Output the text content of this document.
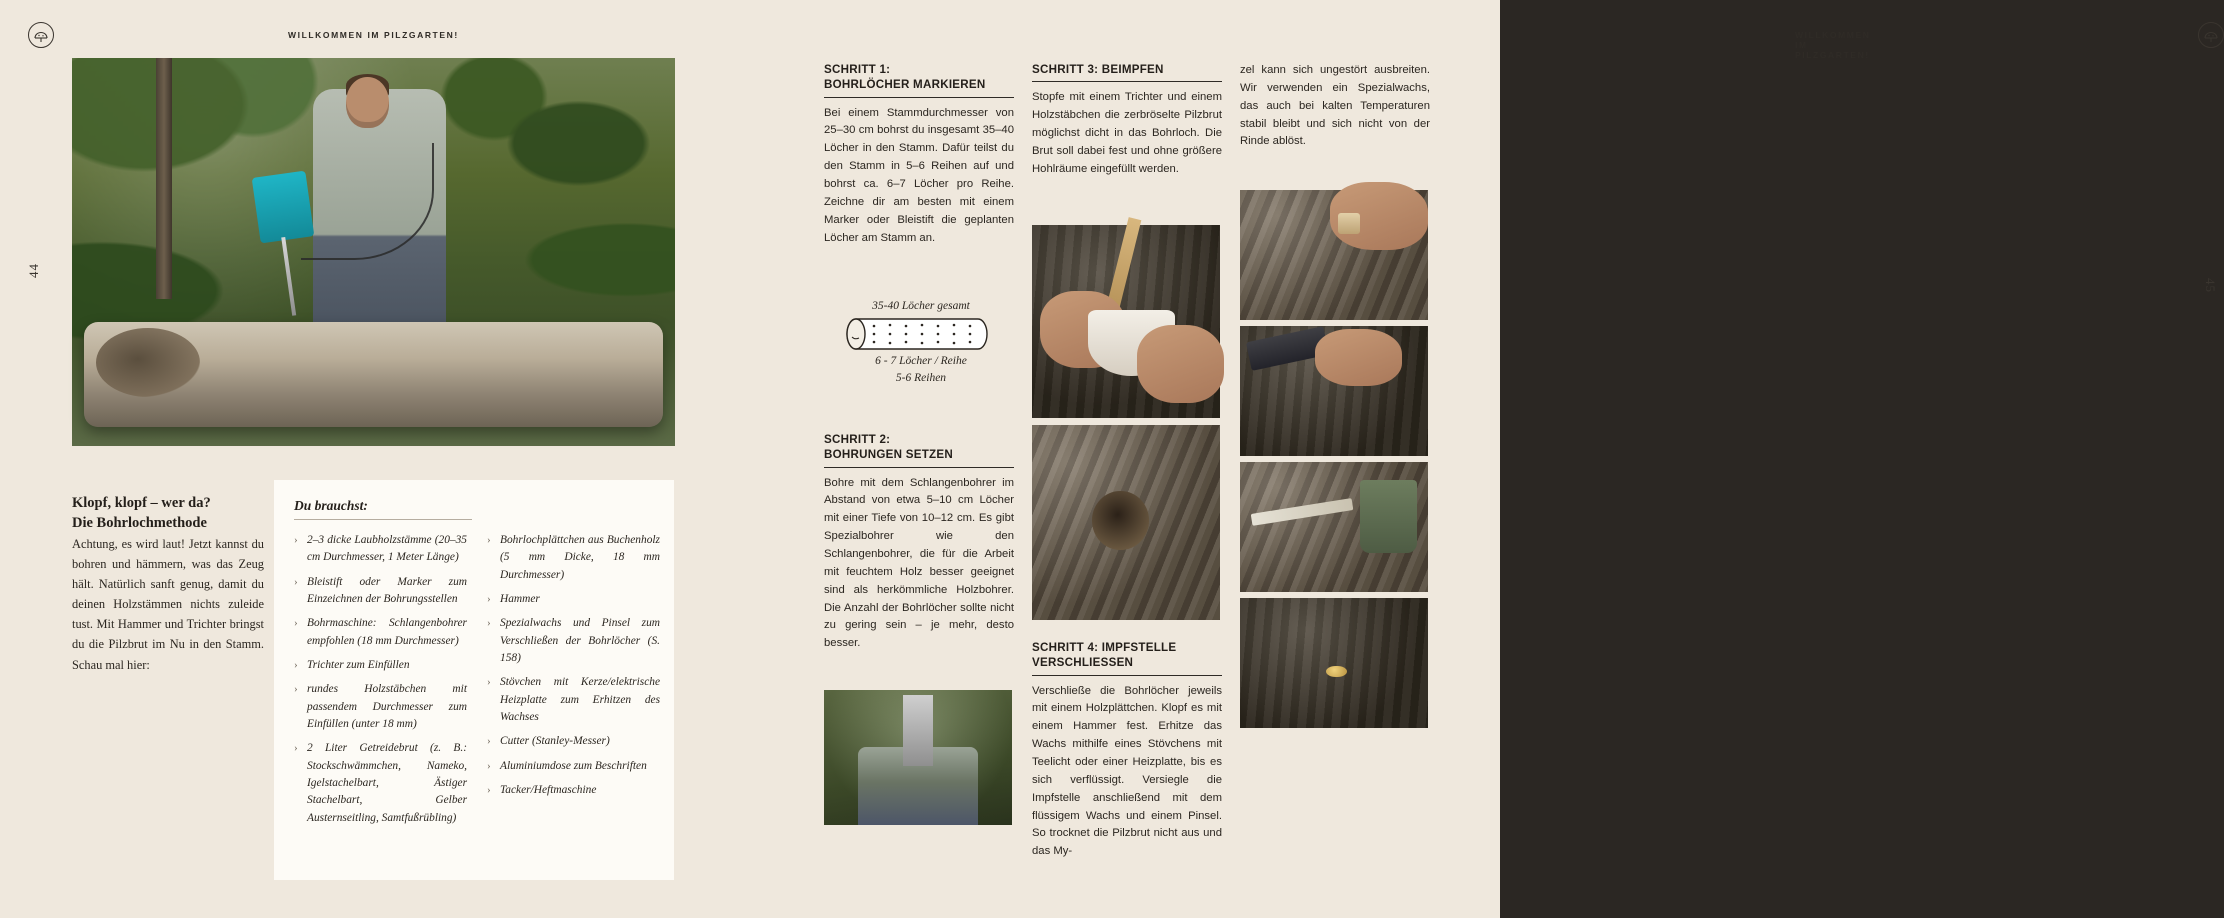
WILLKOMMEN IM PILZGARTEN!
44
Klopf, klopf – wer da?
Die Bohrlochmethode
Achtung, es wird laut! Jetzt kannst du bohren und hämmern, was das Zeug hält. Natürlich sanft genug, damit du deinen Holzstämmen nichts zuleide tust. Mit Hammer und Trichter bringst du die Pilzbrut im Nu in den Stamm. Schau mal hier:
Du brauchst:
› 2–3 dicke Laubholzstämme (20–35 cm Durchmesser, 1 Meter Länge)
› Bleistift oder Marker zum Einzeichnen der Bohrungsstellen
› Bohrmaschine: Schlangenbohrer empfohlen (18 mm Durchmesser)
› Trichter zum Einfüllen
› rundes Holzstäbchen mit passendem Durchmesser zum Einfüllen (unter 18 mm)
› 2 Liter Getreidebrut (z. B.: Stockschwämmchen, Nameko, Igelstachelbart, Ästiger Stachelbart, Gelber Austernseitling, Samtfußrübling)
› Bohrlochplättchen aus Buchenholz (5 mm Dicke, 18 mm Durchmesser)
› Hammer
› Spezialwachs und Pinsel zum Verschließen der Bohrlöcher (S. 158)
› Stövchen mit Kerze/elektrische Heizplatte zum Erhitzen des Wachses
› Cutter (Stanley-Messer)
› Aluminiumdose zum Beschriften
› Tacker/Heftmaschine
WILLKOMMEN IM PILZGARTEN!
45
SCHRITT 1:
BOHRLÖCHER MARKIEREN
Bei einem Stammdurchmesser von 25–30 cm bohrst du insgesamt 35–40 Löcher in den Stamm. Dafür teilst du den Stamm in 5–6 Reihen auf und bohrst ca. 6–7 Löcher pro Reihe. Zeichne dir am besten mit einem Marker oder Bleistift die geplanten Löcher am Stamm an.
35-40 Löcher gesamt
6 - 7 Löcher / Reihe
5-6 Reihen
SCHRITT 2:
BOHRUNGEN SETZEN
Bohre mit dem Schlangenbohrer im Abstand von etwa 5–10 cm Löcher mit einer Tiefe von 10–12 cm. Es gibt Spezialbohrer wie den Schlangenbohrer, die für die Arbeit mit feuchtem Holz besser geeignet sind als herkömmliche Holzbohrer. Die Anzahl der Bohrlöcher sollte nicht zu gering sein – je mehr, desto besser.
SCHRITT 3: BEIMPFEN
Stopfe mit einem Trichter und einem Holzstäbchen die zerbröselte Pilzbrut möglichst dicht in das Bohrloch. Die Brut soll dabei fest und ohne größere Hohlräume eingefüllt werden.
SCHRITT 4: IMPFSTELLE
VERSCHLIESSEN
Verschließe die Bohrlöcher jeweils mit einem Holzplättchen. Klopf es mit einem Hammer fest. Erhitze das Wachs mithilfe eines Stövchens mit Teelicht oder einer Heizplatte, bis es sich verflüssigt. Versiegle die Impfstelle anschließend mit dem flüssigem Wachs und einem Pinsel. So trocknet die Pilzbrut nicht aus und das My-
zel kann sich ungestört ausbreiten. Wir verwenden ein Spezialwachs, das auch bei kalten Temperaturen stabil bleibt und sich nicht von der Rinde ablöst.
